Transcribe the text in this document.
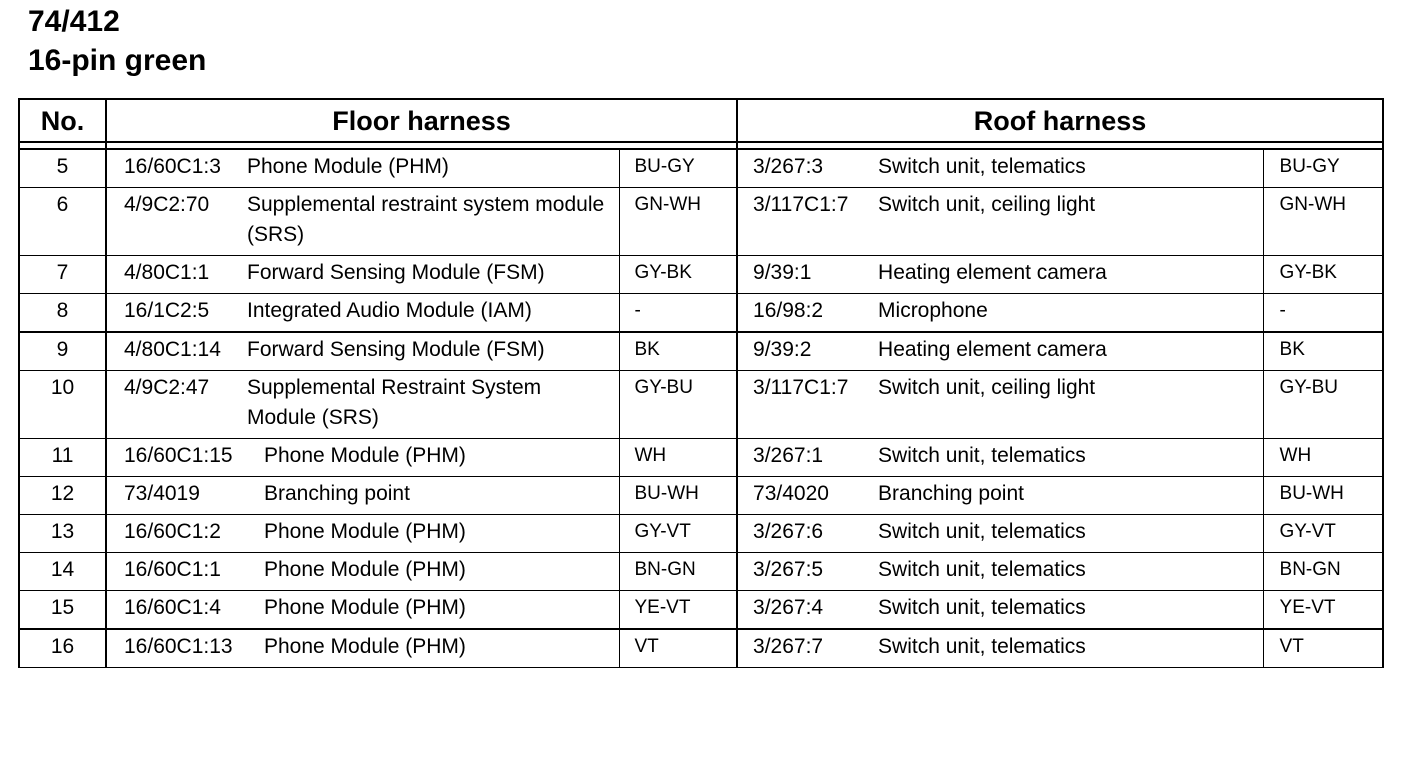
74/412
16-pin green
No.	Floor harness			Roof harness		

5	16/60C1:3	Phone Module (PHM)	BU-GY	3/267:3	Switch unit, telematics	BU-GY
6	4/9C2:70	Supplemental restraint system module (SRS)	GN-WH	3/117C1:7	Switch unit, ceiling light	GN-WH
7	4/80C1:1	Forward Sensing Module (FSM)	GY-BK	9/39:1	Heating element camera	GY-BK
8	16/1C2:5	Integrated Audio Module (IAM)	-	16/98:2	Microphone	-
9	4/80C1:14	Forward Sensing Module (FSM)	BK	9/39:2	Heating element camera	BK
10	4/9C2:47	Supplemental Restraint System Module (SRS)	GY-BU	3/117C1:7	Switch unit, ceiling light	GY-BU
11	16/60C1:15	Phone Module (PHM)	WH	3/267:1	Switch unit, telematics	WH
12	73/4019	Branching point	BU-WH	73/4020	Branching point	BU-WH
13	16/60C1:2	Phone Module (PHM)	GY-VT	3/267:6	Switch unit, telematics	GY-VT
14	16/60C1:1	Phone Module (PHM)	BN-GN	3/267:5	Switch unit, telematics	BN-GN
15	16/60C1:4	Phone Module (PHM)	YE-VT	3/267:4	Switch unit, telematics	YE-VT
16	16/60C1:13	Phone Module (PHM)	VT	3/267:7	Switch unit, telematics	VT
